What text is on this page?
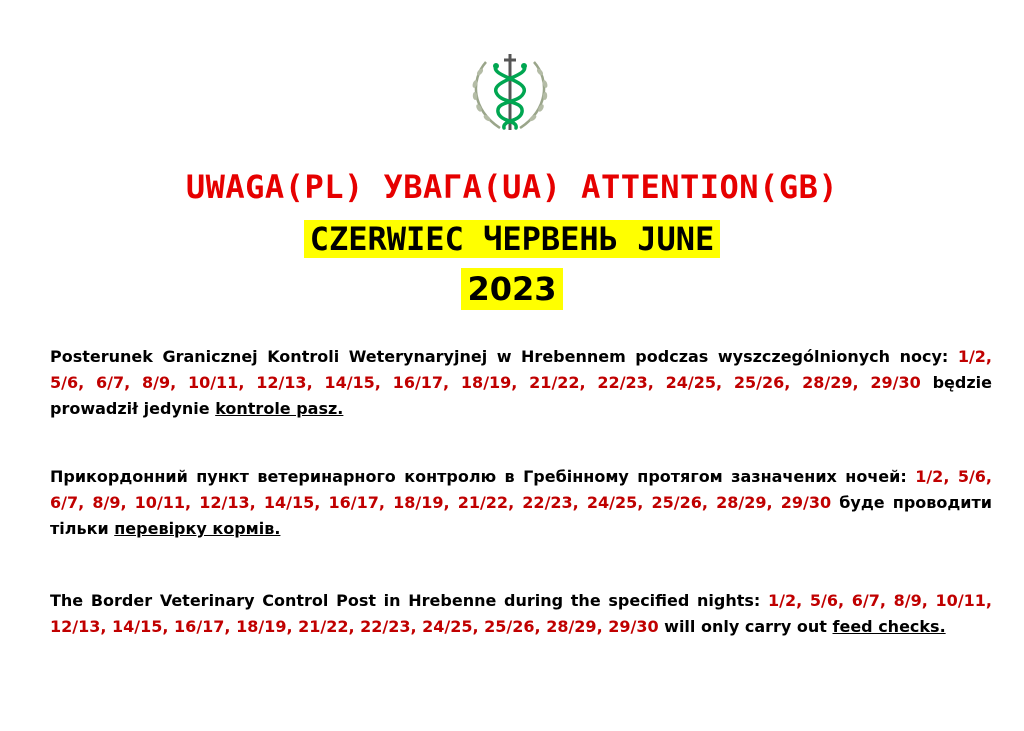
UWAGA(PL) УВАГА(UA) ATTENTION(GB)
CZERWIEC ЧЕРВЕНЬ JUNE
2023
Posterunek Granicznej Kontroli Weterynaryjnej w Hrebennem podczas wyszczególnionych nocy: 1/2, 5/6, 6/7, 8/9, 10/11, 12/13, 14/15, 16/17, 18/19, 21/22, 22/23, 24/25, 25/26, 28/29, 29/30 będzie prowadził jedynie kontrole pasz.
Прикордонний пункт ветеринарного контролю в Гребінному протягом зазначених ночей: 1/2, 5/6, 6/7, 8/9, 10/11, 12/13, 14/15, 16/17, 18/19, 21/22, 22/23, 24/25, 25/26, 28/29, 29/30 буде проводити тільки перевірку кормів.
The Border Veterinary Control Post in Hrebenne during the specified nights: 1/2, 5/6, 6/7, 8/9, 10/11, 12/13, 14/15, 16/17, 18/19, 21/22, 22/23, 24/25, 25/26, 28/29, 29/30 will only carry out feed checks.
